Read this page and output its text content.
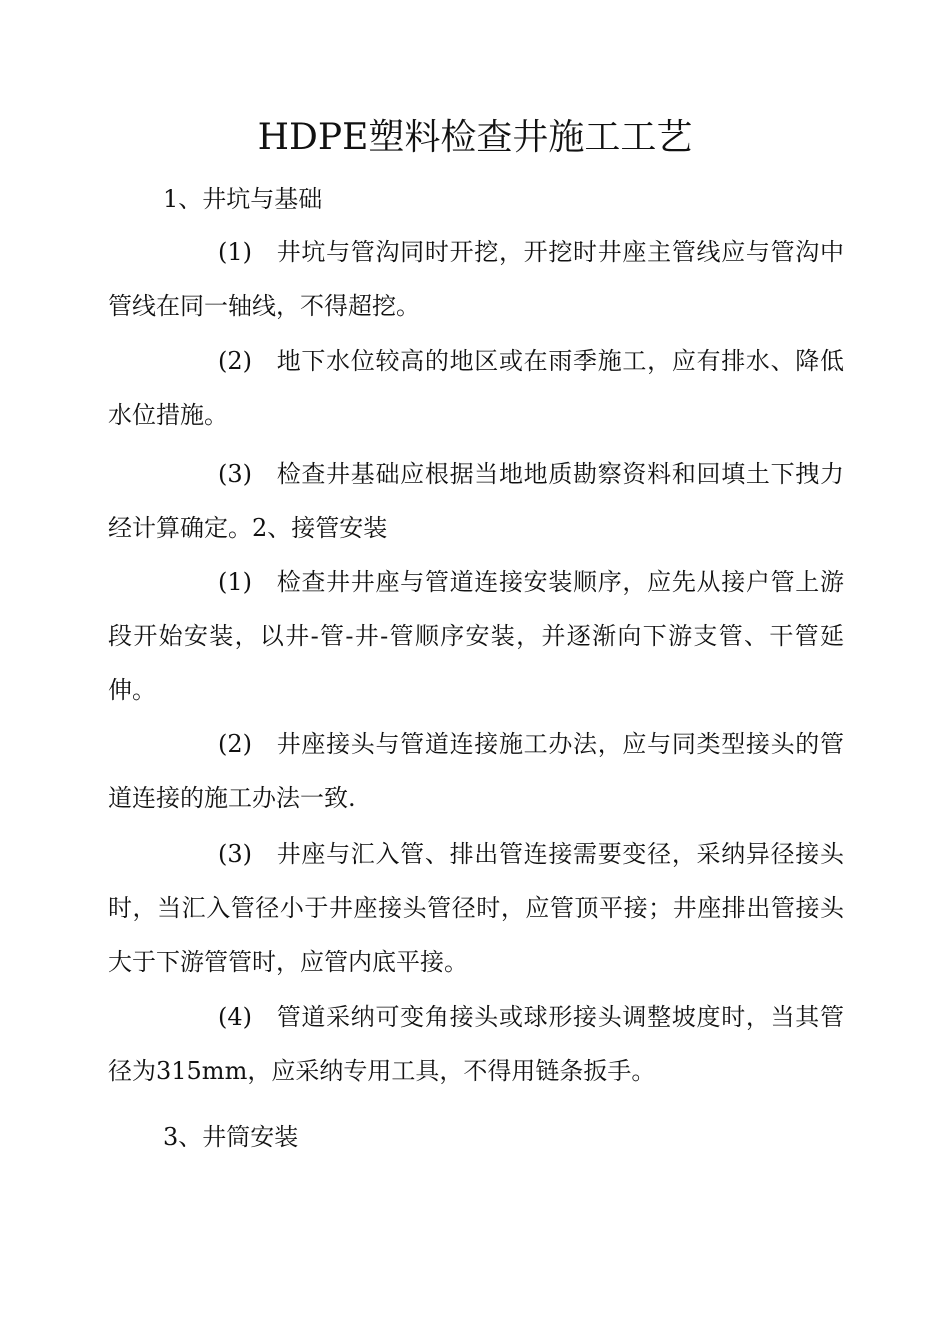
HDPE塑料检查井施工工艺

1、井坑与基础

(1) 井坑与管沟同时开挖，开挖时井座主管线应与管沟中管线在同一轴线，不得超挖。

(2) 地下水位较高的地区或在雨季施工，应有排水、降低水位措施。

(3) 检查井基础应根据当地地质勘察资料和回填土下拽力经计算确定。2、接管安装

(1) 检查井井座与管道连接安装顺序，应先从接户管上游段开始安装，以井-管-井-管顺序安装，并逐渐向下游支管、干管延伸。

(2) 井座接头与管道连接施工办法，应与同类型接头的管道连接的施工办法一致.

(3) 井座与汇入管、排出管连接需要变径，采纳异径接头时，当汇入管径小于井座接头管径时，应管顶平接；井座排出管接头大于下游管管时，应管内底平接。

(4) 管道采纳可变角接头或球形接头调整坡度时，当其管径为315mm，应采纳专用工具，不得用链条扳手。

3、井筒安装
